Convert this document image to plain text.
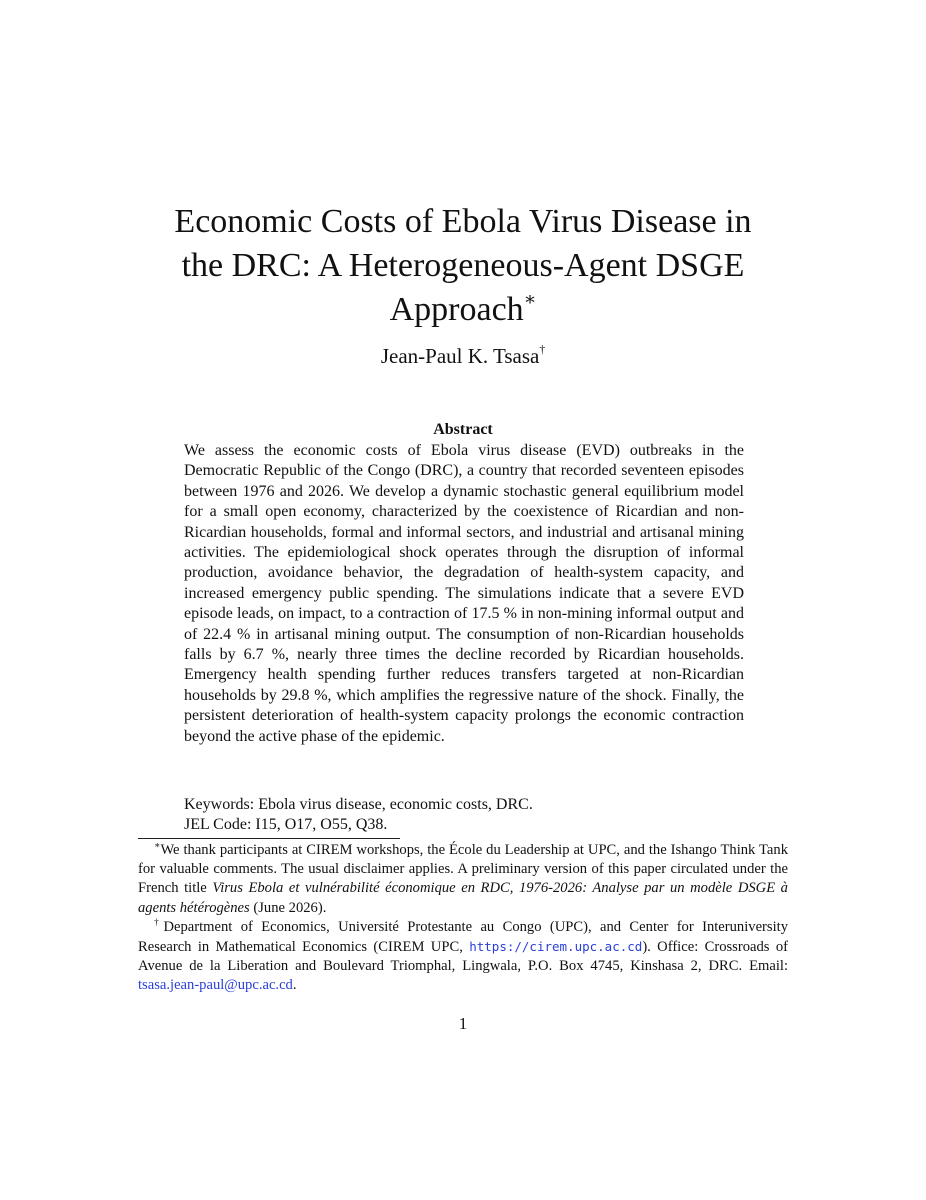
Economic Costs of Ebola Virus Disease in
the DRC: A Heterogeneous-Agent DSGE
Approach∗
Jean-Paul K. Tsasa†
Abstract

We assess the economic costs of Ebola virus disease (EVD) outbreaks in the Democratic Republic of the Congo (DRC), a country that recorded seventeen episodes between 1976 and 2026. We develop a dynamic stochastic general equilibrium model for a small open economy, characterized by the coexistence of Ricardian and non-Ricardian households, formal and informal sectors, and industrial and artisanal mining activities. The epidemiological shock operates through the disruption of informal production, avoidance behavior, the degradation of health-system capacity, and increased emergency public spending. The simulations indicate that a severe EVD episode leads, on impact, to a contraction of 17.5 % in non-mining informal output and of 22.4 % in artisanal mining output. The consumption of non-Ricardian households falls by 6.7 %, nearly three times the decline recorded by Ricardian households. Emergency health spending further reduces transfers targeted at non-Ricardian households by 29.8 %, which amplifies the regressive nature of the shock. Finally, the persistent deterioration of health-system capacity prolongs the economic contraction beyond the active phase of the epidemic.

Keywords: Ebola virus disease, economic costs, DRC.
JEL Code: I15, O17, O55, Q38.

∗We thank participants at CIREM workshops, the École du Leadership at UPC, and the Ishango Think Tank for valuable comments. The usual disclaimer applies. A preliminary version of this paper circulated under the French title Virus Ebola et vulnérabilité économique en RDC, 1976-2026: Analyse par un modèle DSGE à agents hétérogènes (June 2026).

†Department of Economics, Université Protestante au Congo (UPC), and Center for Interuniversity Research in Mathematical Economics (CIREM UPC, https://cirem.upc.ac.cd). Office: Crossroads of Avenue de la Liberation and Boulevard Triomphal, Lingwala, P.O. Box 4745, Kinshasa 2, DRC. Email: tsasa.jean-paul@upc.ac.cd.

1
